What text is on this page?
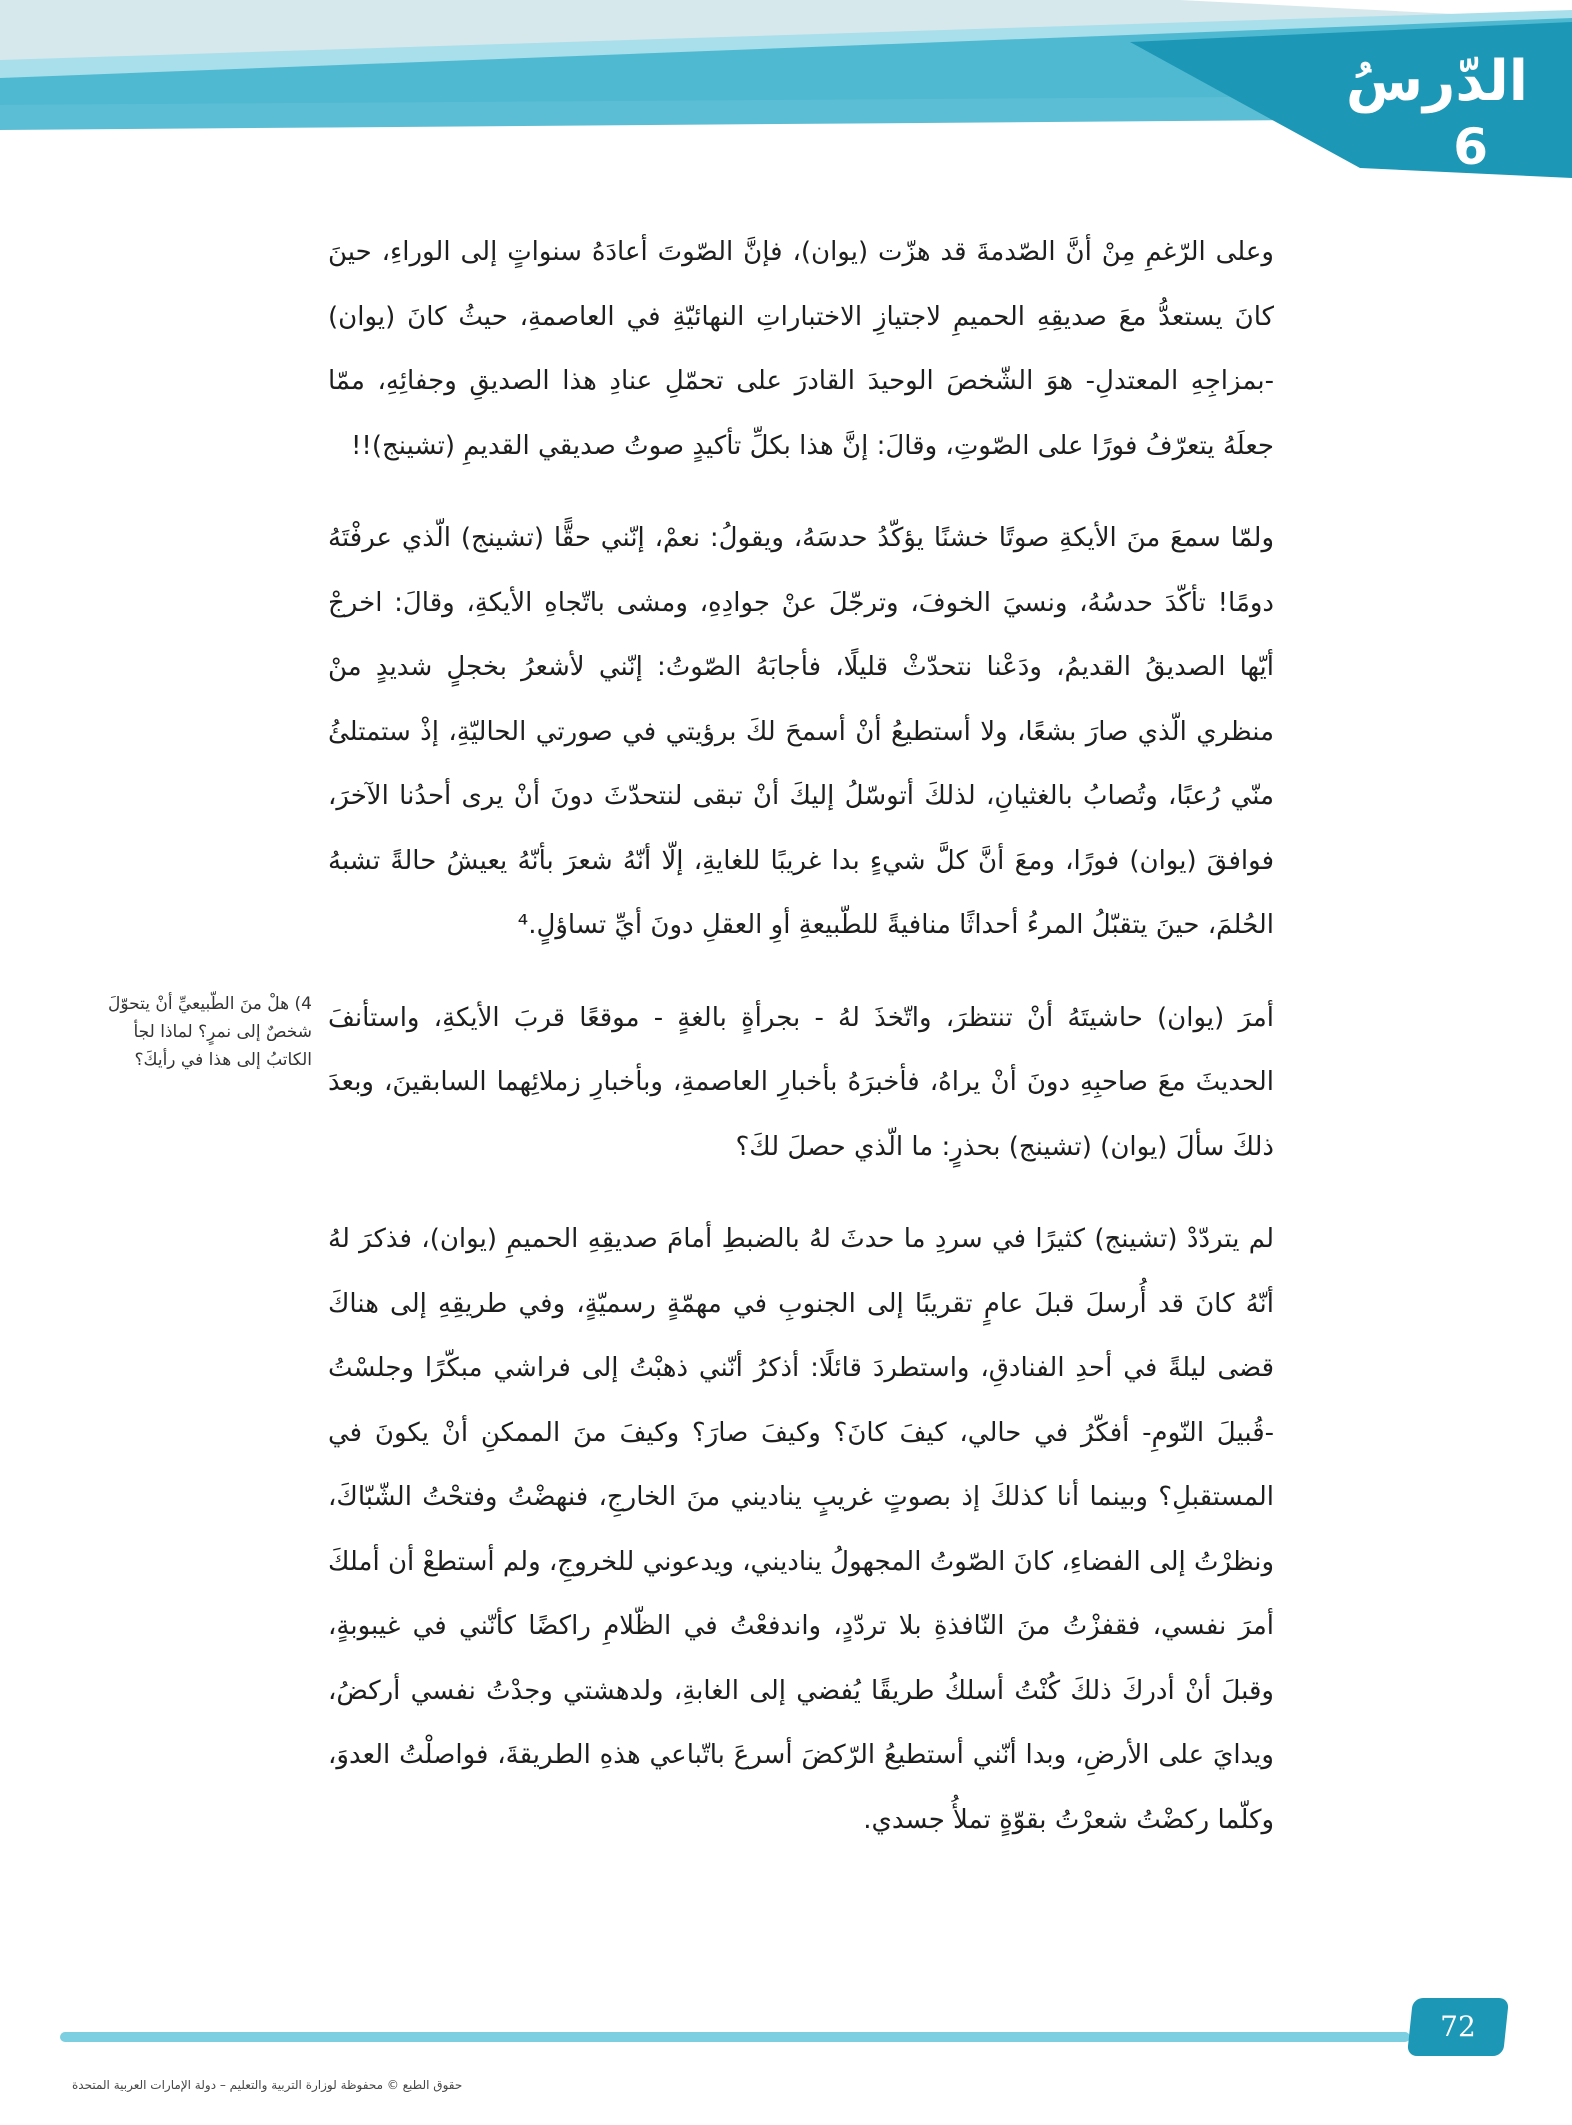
الدّرسُ
6

وعلى الرّغمِ مِنْ أنَّ الصّدمةَ قد هزّت (يوان)، فإنَّ الصّوتَ أعادَهُ سنواتٍ إلى الوراءِ، حينَ كانَ يستعدُّ معَ صديقِهِ الحميمِ لاجتيازِ الاختباراتِ النهائيّةِ في العاصمةِ، حيثُ كانَ (يوان) -بمزاجِهِ المعتدلِ- هوَ الشّخصَ الوحيدَ القادرَ على تحمّلِ عنادِ هذا الصديقِ وجفائِهِ، ممّا جعلَهُ يتعرّفُ فورًا على الصّوتِ، وقالَ: إنَّ هذا بكلِّ تأكيدٍ صوتُ صديقي القديمِ (تشينج)!!

ولمّا سمعَ منَ الأيكةِ صوتًا خشنًا يؤكّدُ حدسَهُ، ويقولُ: نعمْ، إنّني حقًّا (تشينج) الّذي عرفْتَهُ دومًا! تأكّدَ حدسُهُ، ونسيَ الخوفَ، وترجّلَ عنْ جوادِهِ، ومشى باتّجاهِ الأيكةِ، وقالَ: اخرجْ أيّها الصديقُ القديمُ، ودَعْنا نتحدّثْ قليلًا، فأجابَهُ الصّوتُ: إنّني لأشعرُ بخجلٍ شديدٍ منْ منظري الّذي صارَ بشعًا، ولا أستطيعُ أنْ أسمحَ لكَ برؤيتي في صورتي الحاليّةِ، إذْ ستمتلئُ منّي رُعبًا، وتُصابُ بالغثيانِ، لذلكَ أتوسّلُ إليكَ أنْ تبقى لنتحدّثَ دونَ أنْ يرى أحدُنا الآخرَ، فوافقَ (يوان) فورًا، ومعَ أنَّ كلَّ شيءٍ بدا غريبًا للغايةِ، إلّا أنّهُ شعرَ بأنّهُ يعيشُ حالةً تشبهُ الحُلمَ، حينَ يتقبّلُ المرءُ أحداثًا منافيةً للطّبيعةِ أوِ العقلِ دونَ أيِّ تساؤلٍ.⁴

أمرَ (يوان) حاشيتَهُ أنْ تنتظرَ، واتّخذَ لهُ - بجرأةٍ بالغةٍ - موقعًا قربَ الأيكةِ، واستأنفَ الحديثَ معَ صاحبِهِ دونَ أنْ يراهُ، فأخبرَهُ بأخبارِ العاصمةِ، وبأخبارِ زملائِهما السابقينَ، وبعدَ ذلكَ سألَ (يوان) (تشينج) بحذرٍ: ما الّذي حصلَ لكَ؟

لم يتردّدْ (تشينج) كثيرًا في سردِ ما حدثَ لهُ بالضبطِ أمامَ صديقِهِ الحميمِ (يوان)، فذكرَ لهُ أنّهُ كانَ قد أُرسلَ قبلَ عامٍ تقريبًا إلى الجنوبِ في مهمّةٍ رسميّةٍ، وفي طريقِهِ إلى هناكَ قضى ليلةً في أحدِ الفنادقِ، واستطردَ قائلًا: أذكرُ أنّني ذهبْتُ إلى فراشي مبكّرًا وجلسْتُ -قُبيلَ النّومِ- أفكّرُ في حالي، كيفَ كانَ؟ وكيفَ صارَ؟ وكيفَ منَ الممكنِ أنْ يكونَ في المستقبلِ؟ وبينما أنا كذلكَ إذ بصوتٍ غريبٍ يناديني منَ الخارجِ، فنهضْتُ وفتحْتُ الشّبّاكَ، ونظرْتُ إلى الفضاءِ، كانَ الصّوتُ المجهولُ يناديني، ويدعوني للخروجِ، ولم أستطعْ أن أملكَ أمرَ نفسي، فقفزْتُ منَ النّافذةِ بلا تردّدٍ، واندفعْتُ في الظّلامِ راكضًا كأنّني في غيبوبةٍ، وقبلَ أنْ أدركَ ذلكَ كُنْتُ أسلكُ طريقًا يُفضي إلى الغابةِ، ولدهشتي وجدْتُ نفسي أركضُ، ويدايَ على الأرضِ، وبدا أنّني أستطيعُ الرّكضَ أسرعَ باتّباعي هذهِ الطريقةَ، فواصلْتُ العدوَ، وكلّما ركضْتُ شعرْتُ بقوّةٍ تملأُ جسدي.

4) هلْ منَ الطّبيعيِّ أنْ يتحوّلَ شخصٌ إلى نمرٍ؟ لماذا لجأ الكاتبُ إلى هذا في رأيكَ؟
72
حقوق الطبع © محفوظة لوزارة التربية والتعليم – دولة الإمارات العربية المتحدة
